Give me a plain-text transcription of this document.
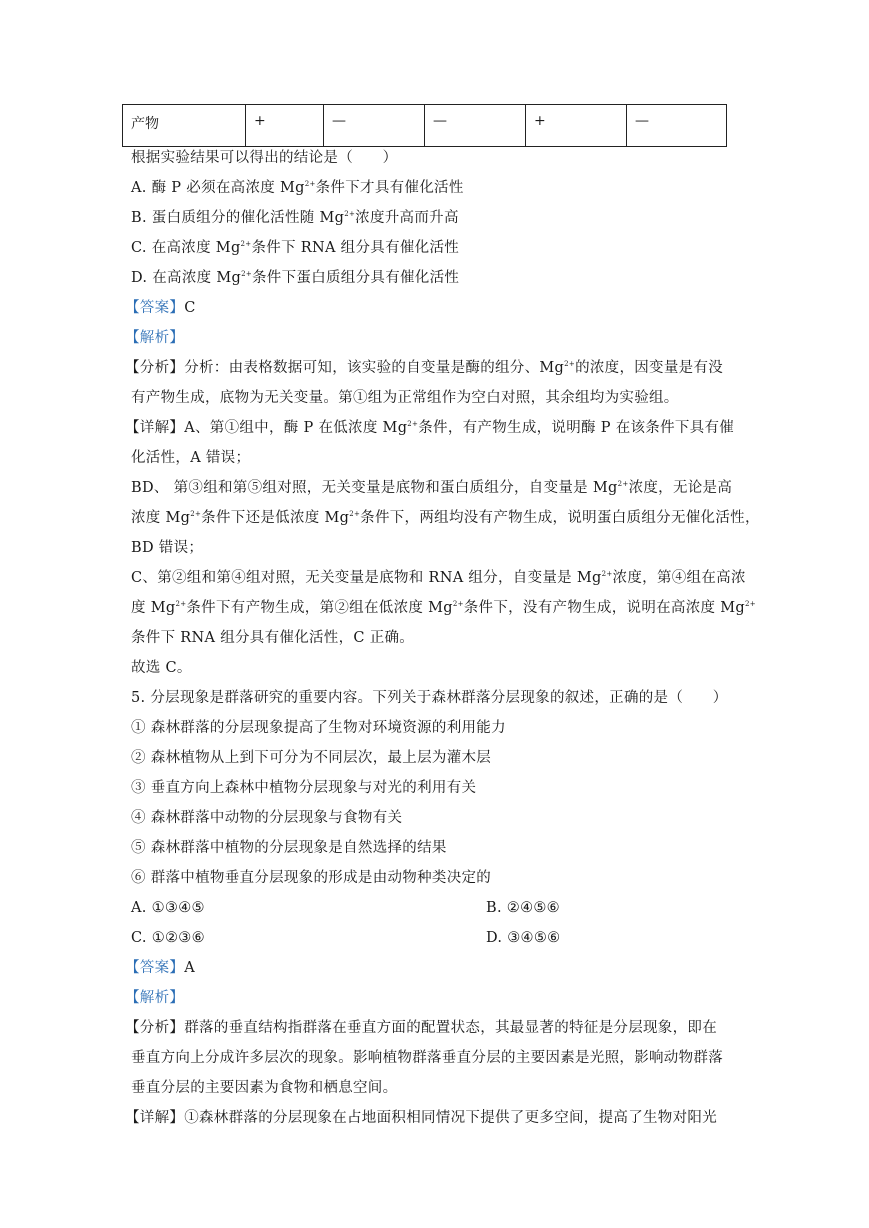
产物	+	—	—	+	—
根据实验结果可以得出的结论是（　　）
A. 酶 P 必须在高浓度 $Mg^{2+}$条件下才具有催化活性
B. 蛋白质组分的催化活性随 $Mg^{2+}$浓度升高而升高
C. 在高浓度 $Mg^{2+}$条件下 RNA 组分具有催化活性
D. 在高浓度 $Mg^{2+}$条件下蛋白质组分具有催化活性
【答案】C
【解析】
【分析】分析：由表格数据可知，该实验的自变量是酶的组分、$Mg^{2+}$的浓度，因变量是有没
有产物生成，底物为无关变量。第①组为正常组作为空白对照，其余组均为实验组。
【详解】A、第①组中，酶 P 在低浓度 $Mg^{2+}$条件，有产物生成，说明酶 P 在该条件下具有催
化活性，A 错误；
BD、 第③组和第⑤组对照，无关变量是底物和蛋白质组分，自变量是 $Mg^{2+}$浓度，无论是高
浓度 $Mg^{2+}$条件下还是低浓度 $Mg^{2+}$条件下，两组均没有产物生成，说明蛋白质组分无催化活性，
BD 错误；
C、第②组和第④组对照，无关变量是底物和 RNA 组分，自变量是 $Mg^{2+}$浓度，第④组在高浓
度 $Mg^{2+}$条件下有产物生成，第②组在低浓度 $Mg^{2+}$条件下，没有产物生成，说明在高浓度 $Mg^{2+}$
条件下 RNA 组分具有催化活性，C 正确。
故选 C。
5. 分层现象是群落研究的重要内容。下列关于森林群落分层现象的叙述，正确的是（　　）
① 森林群落的分层现象提高了生物对环境资源的利用能力
② 森林植物从上到下可分为不同层次，最上层为灌木层
③ 垂直方向上森林中植物分层现象与对光的利用有关
④ 森林群落中动物的分层现象与食物有关
⑤ 森林群落中植物的分层现象是自然选择的结果
⑥ 群落中植物垂直分层现象的形成是由动物种类决定的
A. ①③④⑤	B. ②④⑤⑥
C. ①②③⑥	D. ③④⑤⑥
【答案】A
【解析】
【分析】群落的垂直结构指群落在垂直方面的配置状态，其最显著的特征是分层现象，即在
垂直方向上分成许多层次的现象。影响植物群落垂直分层的主要因素是光照，影响动物群落
垂直分层的主要因素为食物和栖息空间。
【详解】①森林群落的分层现象在占地面积相同情况下提供了更多空间，提高了生物对阳光
